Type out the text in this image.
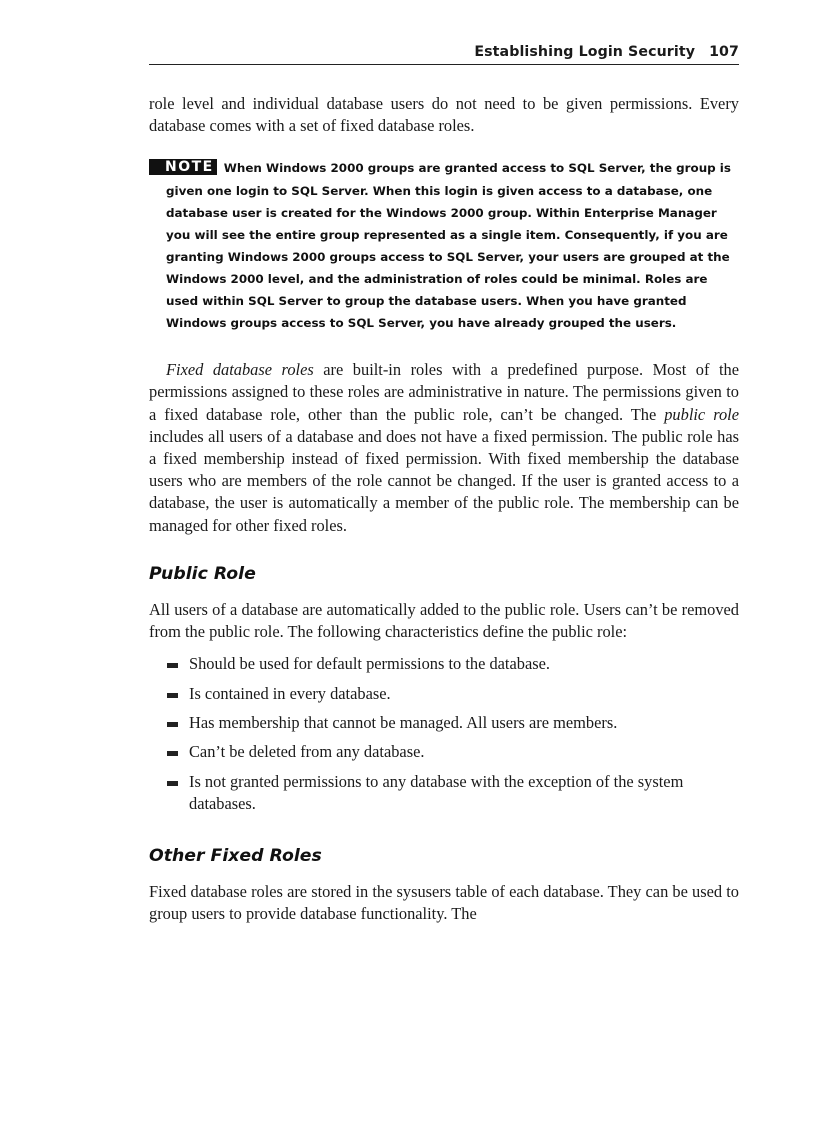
Establishing Login Security 107

role level and individual database users do not need to be given permissions. Every database comes with a set of fixed database roles.

NOTE When Windows 2000 groups are granted access to SQL Server, the group is given one login to SQL Server. When this login is given access to a database, one database user is created for the Windows 2000 group. Within Enterprise Manager you will see the entire group represented as a single item. Consequently, if you are granting Windows 2000 groups access to SQL Server, your users are grouped at the Windows 2000 level, and the administration of roles could be minimal. Roles are used within SQL Server to group the database users. When you have granted Windows groups access to SQL Server, you have already grouped the users.

Fixed database roles are built-in roles with a predefined purpose. Most of the permissions assigned to these roles are administrative in nature. The permissions given to a fixed database role, other than the public role, can’t be changed. The public role includes all users of a database and does not have a fixed permission. The public role has a fixed membership instead of fixed permission. With fixed membership the database users who are members of the role cannot be changed. If the user is granted access to a database, the user is automatically a member of the public role. The membership can be managed for other fixed roles.

Public Role

All users of a database are automatically added to the public role. Users can’t be removed from the public role. The following characteristics define the public role:

Should be used for default permissions to the database.
Is contained in every database.
Has membership that cannot be managed. All users are members.
Can’t be deleted from any database.
Is not granted permissions to any database with the exception of the system databases.
Other Fixed Roles

Fixed database roles are stored in the sysusers table of each database. They can be used to group users to provide database functionality. The
